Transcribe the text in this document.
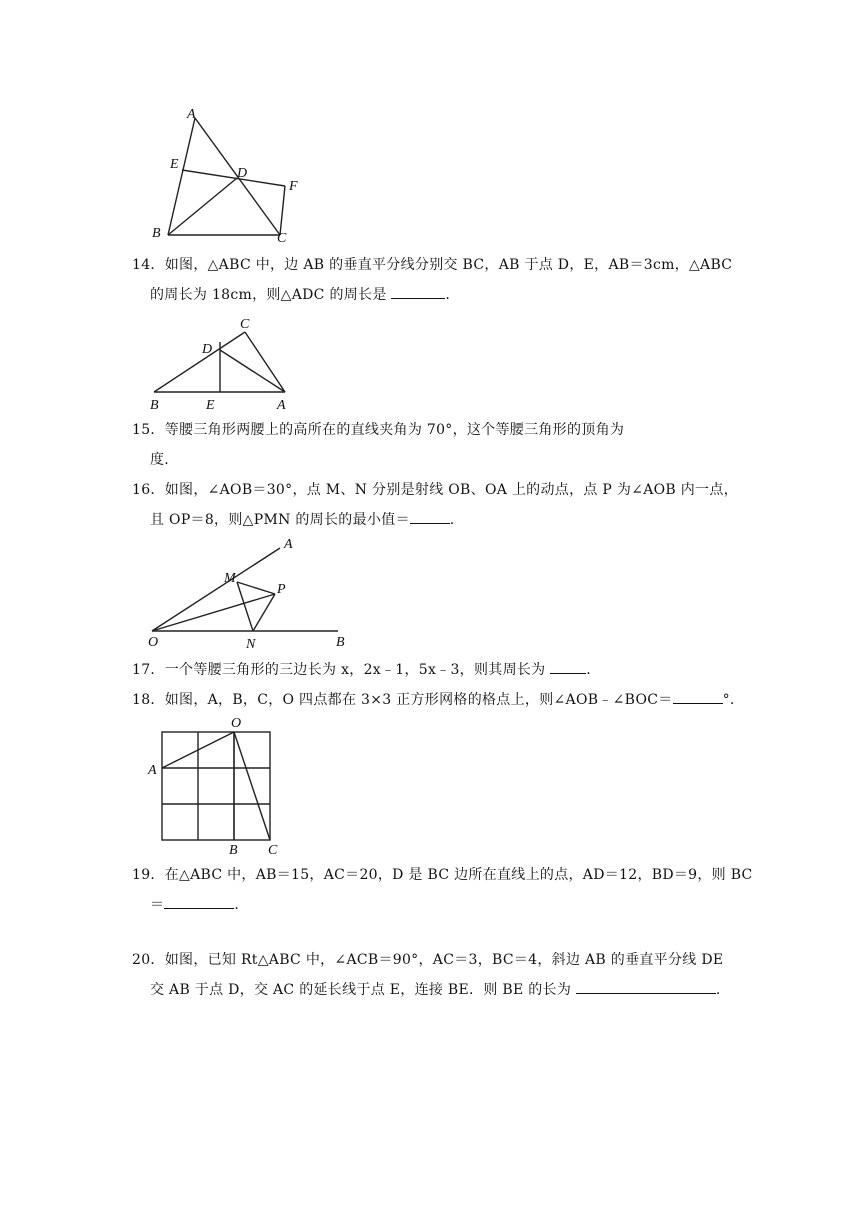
A
E
D
F
B	C
14．如图，△ABC 中，边 AB 的垂直平分线分别交 BC，AB 于点 D，E，AB＝3cm，△ABC
的周长为 18cm，则△ADC 的周长是	.
C
D
B	E	A
15．等腰三角形两腰上的高所在的直线夹角为 70°，这个等腰三角形的顶角为
度.
16．如图，∠AOB＝30°，点 M、N 分别是射线 OB、OA 上的动点，点 P 为∠AOB 内一点，
且 OP＝8，则△PMN 的周长的最小值＝	.
A
M
P
O	N	B
17．一个等腰三角形的三边长为 x，2x﹣1，5x﹣3，则其周长为	.
18．如图，A，B，C，O 四点都在 3×3 正方形网格的格点上，则∠AOB﹣∠BOC＝	°.
O
A
B C
19．在△ABC 中，AB＝15，AC＝20，D 是 BC 边所在直线上的点，AD＝12，BD＝9，则 BC
＝	.
20．如图，已知 Rt△ABC 中，∠ACB＝90°，AC＝3，BC＝4，斜边 AB 的垂直平分线 DE
交 AB 于点 D，交 AC 的延长线于点 E，连接 BE．则 BE 的长为	.
